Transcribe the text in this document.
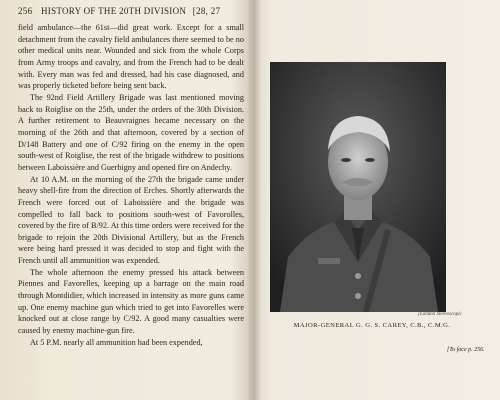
256 HISTORY OF THE 20TH DIVISION [28, 27

field ambulance—the 61st—did great work. Except for a small detachment from the cavalry field ambulances there seemed to be no other medical units near. Wounded and sick from the whole Corps from Army troops and cavalry, and from the French had to be dealt with. Every man was fed and dressed, had his case diagnosed, and was properly ticketed before being sent back.

The 92nd Field Artillery Brigade was last mentioned moving back to Roiglise on the 25th, under the orders of the 30th Division. A further retirement to Beauvraignes became necessary on the morning of the 26th and that afternoon, covered by a section of D/148 Battery and one of C/92 firing on the enemy in the open south-west of Roiglise, the rest of the brigade withdrew to positions between Laboissière and Guerbigny and opened fire on Andechy.

At 10 A.M. on the morning of the 27th the brigade came under heavy shell-fire from the direction of Erches. Shortly afterwards the French were forced out of Laboissière and the brigade was compelled to fall back to positions south-west of Favorolles, covered by the fire of B/92. At this time orders were received for the brigade to rejoin the 20th Divisional Artillery, but as the French were being hard pressed it was decided to stop and fight with the French until all ammunition was expended.

The whole afternoon the enemy pressed his attack between Piennes and Favorelles, keeping up a barrage on the main road through Montdidier, which increased in intensity as more guns came up. One enemy machine gun which tried to get into Favorelles were knocked out at close range by C/92. A good many casualties were caused by enemy machine-gun fire.

At 5 P.M. nearly all ammunition had been expended,

[London Stereoscopic
MAJOR-GENERAL G. G. S. CAREY, C.B., C.M.G.
[To face p. 256.
